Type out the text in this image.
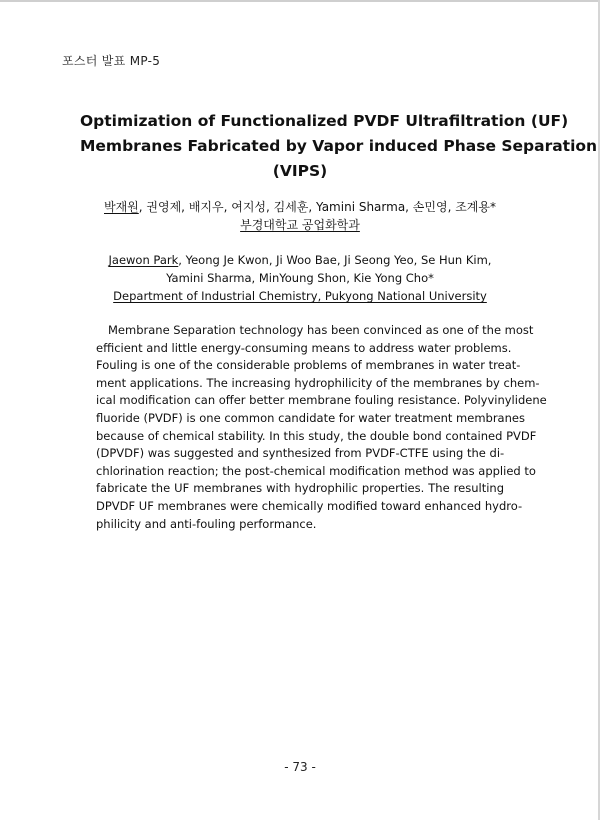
포스터 발표 MP-5
Optimization of Functionalized PVDF Ultrafiltration (UF)
Membranes Fabricated by Vapor induced Phase Separation
(VIPS)
박재원, 권영제, 배지우, 여지성, 김세훈, Yamini Sharma, 손민영, 조계용*
부경대학교 공업화학과
Jaewon Park, Yeong Je Kwon, Ji Woo Bae, Ji Seong Yeo, Se Hun Kim,
Yamini Sharma, MinYoung Shon, Kie Yong Cho*
Department of Industrial Chemistry, Pukyong National University
Membrane Separation technology has been convinced as one of the most
efficient and little energy-consuming means to address water problems.
Fouling is one of the considerable problems of membranes in water treat-
ment applications. The increasing hydrophilicity of the membranes by chem-
ical modification can offer better membrane fouling resistance. Polyvinylidene
fluoride (PVDF) is one common candidate for water treatment membranes
because of chemical stability. In this study, the double bond contained PVDF
(DPVDF) was suggested and synthesized from PVDF-CTFE using the di-
chlorination reaction; the post-chemical modification method was applied to
fabricate the UF membranes with hydrophilic properties. The resulting
DPVDF UF membranes were chemically modified toward enhanced hydro-
philicity and anti-fouling performance.
- 73 -
